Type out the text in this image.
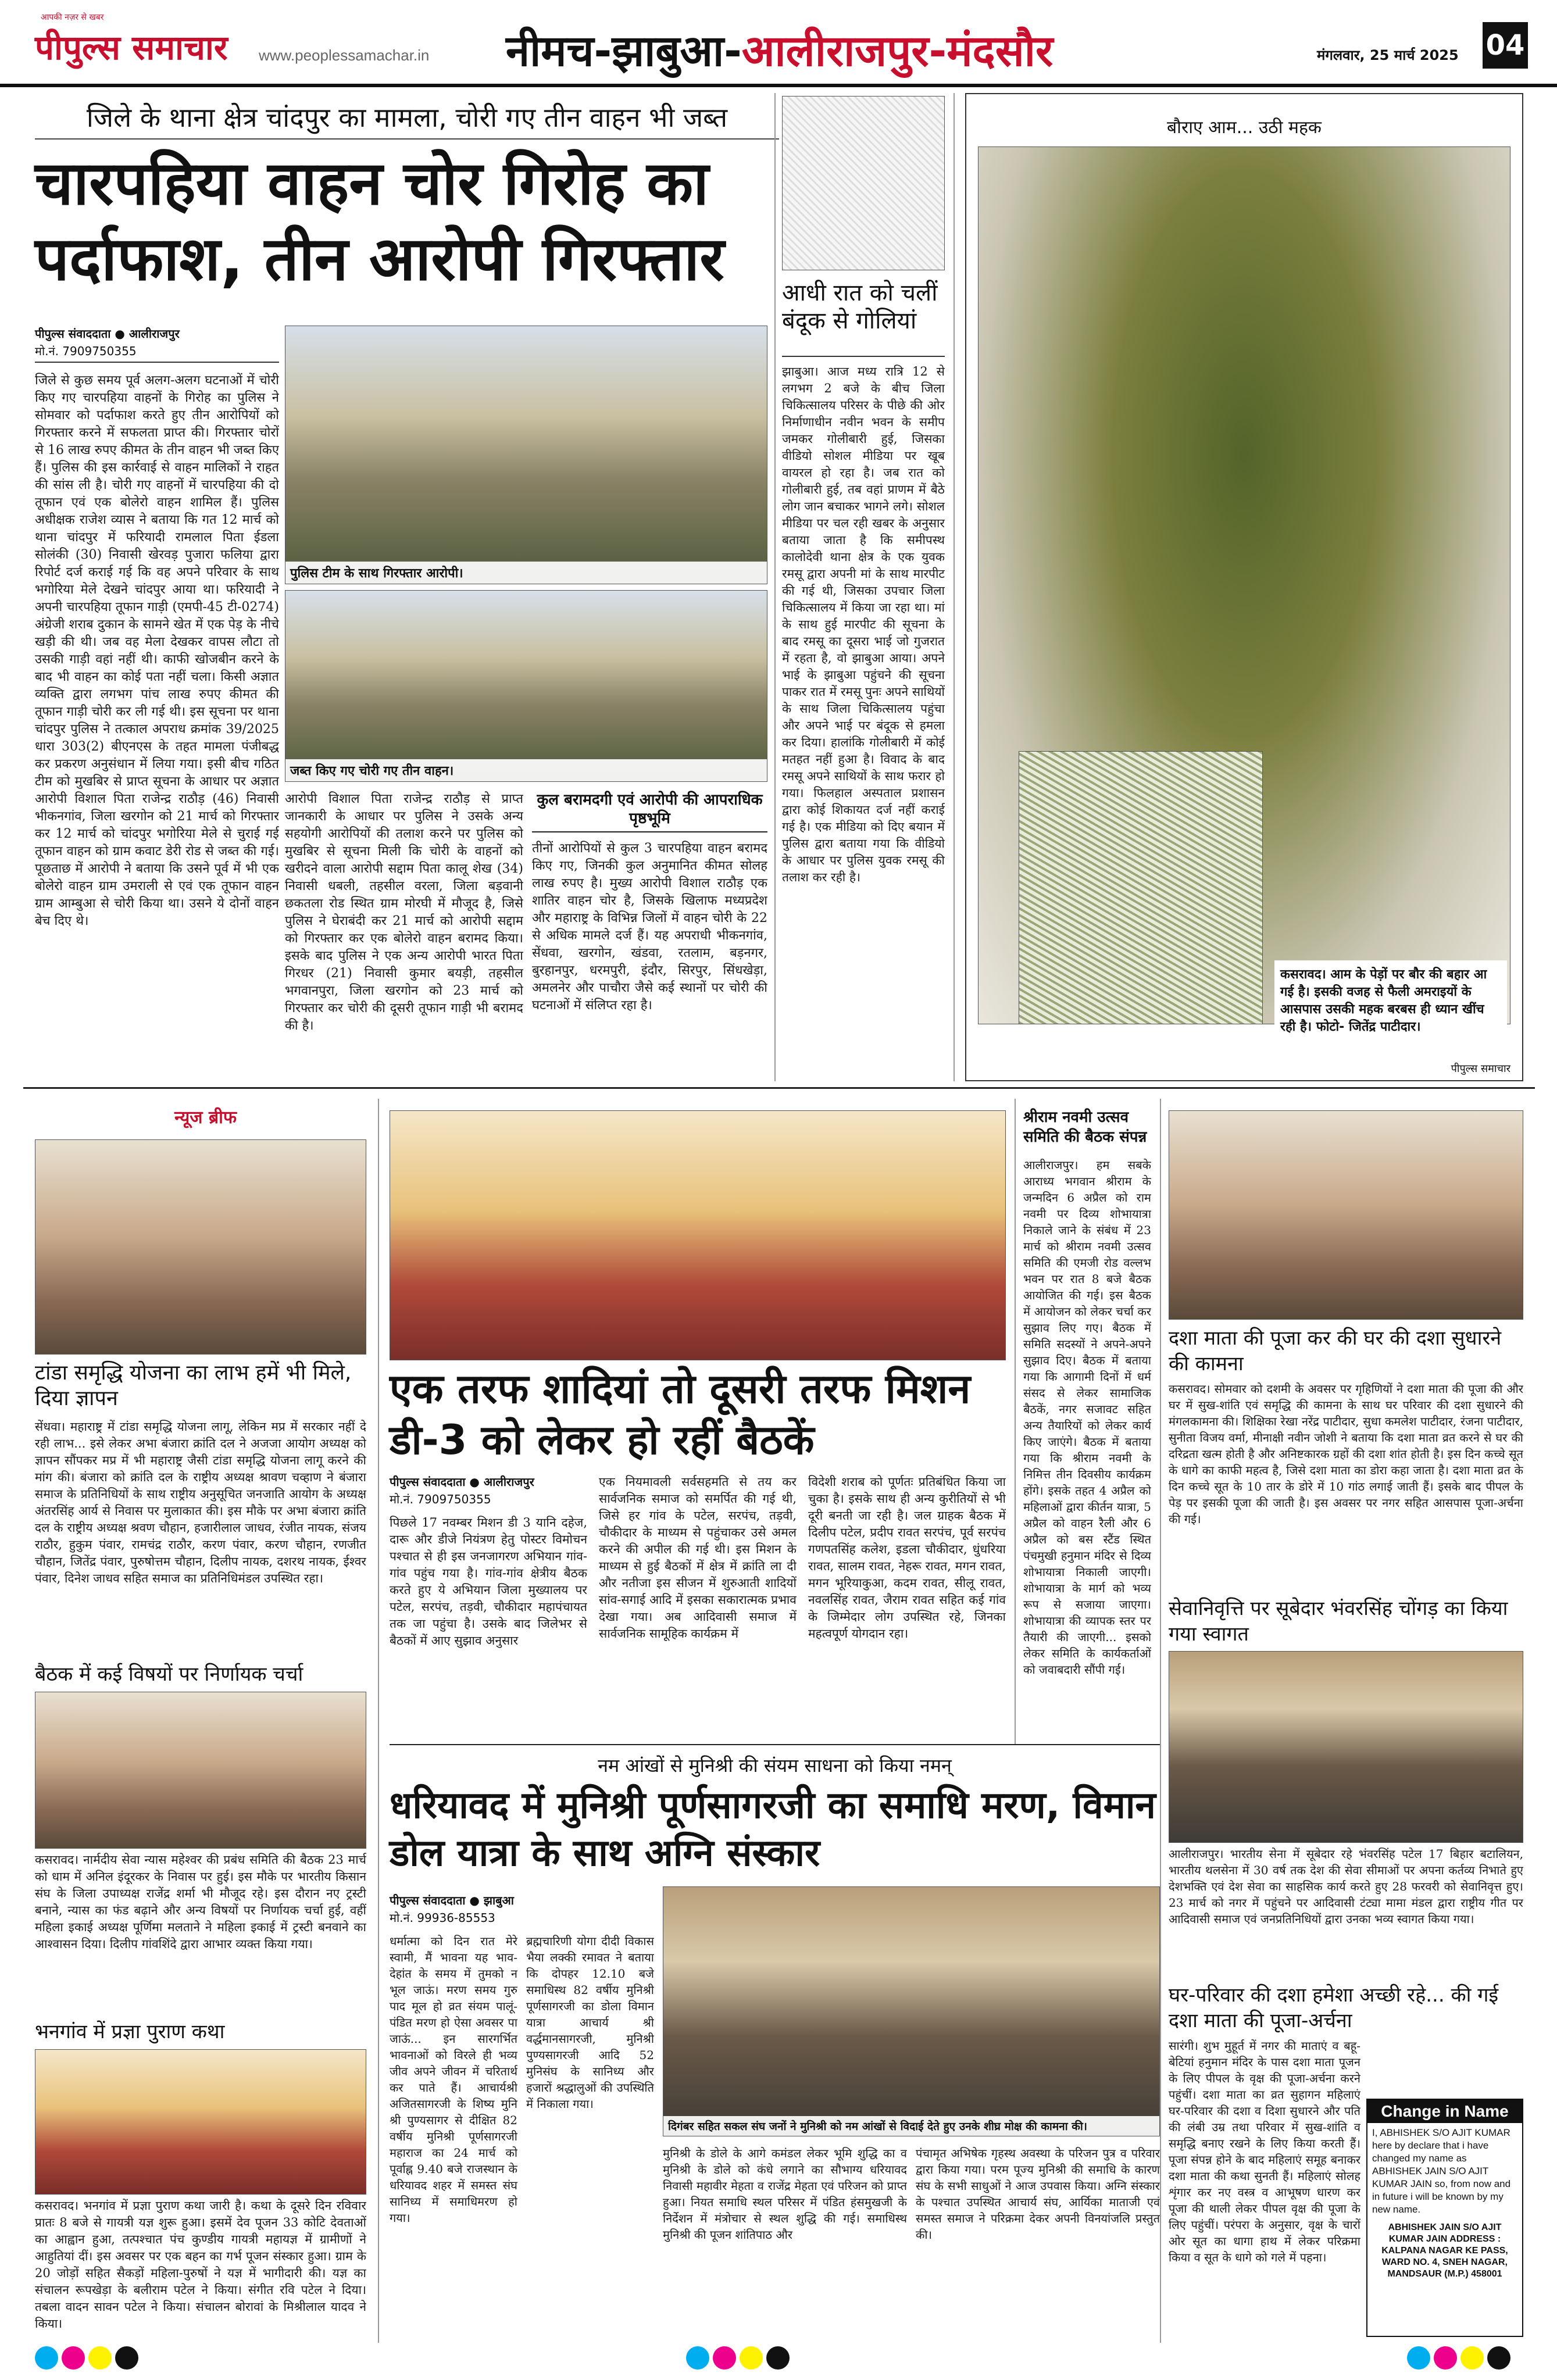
आपकी नज़र से खबर
पीपुल्स समाचार www.peoplessamachar.in नीमच-झाबुआ-आलीराजपुर-मंदसौर	मंगलवार, 25 मार्च 2025 04
जिले के थाना क्षेत्र चांदपुर का मामला, चोरी गए तीन वाहन भी जब्त
चारपहिया वाहन चोर गिरोह का पर्दाफाश, तीन आरोपी गिरफ्तार
पीपुल्स संवाददाता ● आलीराजपुर
मो.नं. 7909750355
पुलिस टीम के साथ गिरफ्तार आरोपी।
जब्त किए गए चोरी गए तीन वाहन।
जिले से कुछ समय पूर्व अलग-अलग घटनाओं में चोरी किए गए चारपहिया वाहनों के गिरोह का पुलिस ने सोमवार को पर्दाफाश करते हुए तीन आरोपियों को गिरफ्तार करने में सफलता प्राप्त की। गिरफ्तार चोरों से 16 लाख रुपए कीमत के तीन वाहन भी जब्त किए हैं। पुलिस की इस कार्रवाई से वाहन मालिकों ने राहत की सांस ली है। चोरी गए वाहनों में चारपहिया की दो तूफान एवं एक बोलेरो वाहन शामिल हैं। पुलिस अधीक्षक राजेश व्यास ने बताया कि गत 12 मार्च को थाना चांदपुर में फरियादी रामलाल पिता ईडला सोलंकी (30) निवासी खेरवड़ पुजारा फलिया द्वारा रिपोर्ट दर्ज कराई गई कि वह अपने परिवार के साथ भगोरिया मेले देखने चांदपुर आया था। फरियादी ने अपनी चारपहिया तूफान गाड़ी (एमपी-45 टी-0274) अंग्रेजी शराब दुकान के सामने खेत में एक पेड़ के नीचे खड़ी की थी। जब वह मेला देखकर वापस लौटा तो उसकी गाड़ी वहां नहीं थी। काफी खोजबीन करने के बाद भी वाहन का कोई पता नहीं चला। किसी अज्ञात व्यक्ति द्वारा लगभग पांच लाख रुपए कीमत की तूफान गाड़ी चोरी कर ली गई थी। इस सूचना पर थाना चांदपुर पुलिस ने तत्काल अपराध क्रमांक 39/2025 धारा 303(2) बीएनएस के तहत मामला पंजीबद्ध कर प्रकरण अनुसंधान में लिया गया। इसी बीच गठित टीम को मुखबिर से प्राप्त सूचना के आधार पर अज्ञात आरोपी विशाल पिता राजेन्द्र राठौड़ (46) निवासी भीकनगांव, जिला खरगोन को 21 मार्च को गिरफ्तार कर 12 मार्च को चांदपुर भगोरिया मेले से चुराई गई तूफान वाहन को ग्राम कवाट डेरी रोड से जब्त की गई। पूछताछ में आरोपी ने बताया कि उसने पूर्व में भी एक बोलेरो वाहन ग्राम उमराली से एवं एक तूफान वाहन ग्राम आम्बुआ से चोरी किया था। उसने ये दोनों वाहन बेच दिए थे।
आरोपी विशाल पिता राजेन्द्र राठौड़ से प्राप्त जानकारी के आधार पर पुलिस ने उसके अन्य सहयोगी आरोपियों की तलाश करने पर पुलिस को मुखबिर से सूचना मिली कि चोरी के वाहनों को खरीदने वाला आरोपी सद्दाम पिता कालू शेख (34) निवासी धबली, तहसील वरला, जिला बड़वानी छकतला रोड स्थित ग्राम मोरघी में मौजूद है, जिसे पुलिस ने घेराबंदी कर 21 मार्च को आरोपी सद्दाम को गिरफ्तार कर एक बोलेरो वाहन बरामद किया। इसके बाद पुलिस ने एक अन्य आरोपी भारत पिता गिरधर (21) निवासी कुमार बयड़ी, तहसील भगवानपुरा, जिला खरगोन को 23 मार्च को गिरफ्तार कर चोरी की दूसरी तूफान गाड़ी भी बरामद की है।
कुल बरामदगी एवं आरोपी की आपराधिक पृष्ठभूमि
तीनों आरोपियों से कुल 3 चारपहिया वाहन बरामद किए गए, जिनकी कुल अनुमानित कीमत सोलह लाख रुपए है। मुख्य आरोपी विशाल राठौड़ एक शातिर वाहन चोर है, जिसके खिलाफ मध्यप्रदेश और महाराष्ट्र के विभिन्न जिलों में वाहन चोरी के 22 से अधिक मामले दर्ज हैं। यह अपराधी भीकनगांव, सेंधवा, खरगोन, खंडवा, रतलाम, बड़नगर, बुरहानपुर, धरमपुरी, इंदौर, सिरपुर, सिंधखेड़ा, अमलनेर और पाचौरा जैसे कई स्थानों पर चोरी की घटनाओं में संलिप्त रहा है।
आधी रात को चलीं बंदूक से गोलियां
झाबुआ। आज मध्य रात्रि 12 से लगभग 2 बजे के बीच जिला चिकित्सालय परिसर के पीछे की ओर निर्माणाधीन नवीन भवन के समीप जमकर गोलीबारी हुई, जिसका वीडियो सोशल मीडिया पर खूब वायरल हो रहा है। जब रात को गोलीबारी हुई, तब वहां प्राणम में बैठे लोग जान बचाकर भागने लगे। सोशल मीडिया पर चल रही खबर के अनुसार बताया जाता है कि समीपस्थ कालोदेवी थाना क्षेत्र के एक युवक रमसू द्वारा अपनी मां के साथ मारपीट की गई थी, जिसका उपचार जिला चिकित्सालय में किया जा रहा था। मां के साथ हुई मारपीट की सूचना के बाद रमसू का दूसरा भाई जो गुजरात में रहता है, वो झाबुआ आया। अपने भाई के झाबुआ पहुंचने की सूचना पाकर रात में रमसू पुनः अपने साथियों के साथ जिला चिकित्सालय पहुंचा और अपने भाई पर बंदूक से हमला कर दिया। हालांकि गोलीबारी में कोई मतहत नहीं हुआ है। विवाद के बाद रमसू अपने साथियों के साथ फरार हो गया। फिलहाल अस्पताल प्रशासन द्वारा कोई शिकायत दर्ज नहीं कराई गई है। एक मीडिया को दिए बयान में पुलिस द्वारा बताया गया कि वीडियो के आधार पर पुलिस युवक रमसू की तलाश कर रही है।
बौराए आम... उठी महक
कसरावद। आम के पेड़ों पर बौर की बहार आ गई है। इसकी वजह से फैली अमराइयों के आसपास उसकी महक बरबस ही ध्यान खींच रही है। फोटो- जितेंद्र पाटीदार।
पीपुल्स समाचार
न्यूज ब्रीफ
टांडा समृद्धि योजना का लाभ हमें भी मिले, दिया ज्ञापन
सेंधवा। महाराष्ट्र में टांडा समृद्धि योजना लागू, लेकिन मप्र में सरकार नहीं दे रही लाभ... इसे लेकर अभा बंजारा क्रांति दल ने अजजा आयोग अध्यक्ष को ज्ञापन सौंपकर मप्र में भी महाराष्ट्र जैसी टांडा समृद्धि योजना लागू करने की मांग की। बंजारा को क्रांति दल के राष्ट्रीय अध्यक्ष श्रावण चव्हाण ने बंजारा समाज के प्रतिनिधियों के साथ राष्ट्रीय अनुसूचित जनजाति आयोग के अध्यक्ष अंतरसिंह आर्य से निवास पर मुलाकात की। इस मौके पर अभा बंजारा क्रांति दल के राष्ट्रीय अध्यक्ष श्रवण चौहान, हजारीलाल जाधव, रंजीत नायक, संजय राठौर, हुकुम पंवार, रामचंद्र राठौर, करण पंवार, करण चौहान, रणजीत चौहान, जितेंद्र पंवार, पुरुषोत्तम चौहान, दिलीप नायक, दशरथ नायक, ईश्वर पंवार, दिनेश जाधव सहित समाज का प्रतिनिधिमंडल उपस्थित रहा।
बैठक में कई विषयों पर निर्णायक चर्चा
कसरावद। नार्मदीय सेवा न्यास महेश्वर की प्रबंध समिति की बैठक 23 मार्च को धाम में अनिल इंदूरकर के निवास पर हुई। इस मौके पर भारतीय किसान संघ के जिला उपाध्यक्ष राजेंद्र शर्मा भी मौजूद रहे। इस दौरान नए ट्रस्टी बनाने, न्यास का फंड बढ़ाने और अन्य विषयों पर निर्णायक चर्चा हुई, वहीं महिला इकाई अध्यक्ष पूर्णिमा मलताने ने महिला इकाई में ट्रस्टी बनवाने का आश्वासन दिया। दिलीप गांवशिंदे द्वारा आभार व्यक्त किया गया।
भनगांव में प्रज्ञा पुराण कथा
कसरावद। भनगांव में प्रज्ञा पुराण कथा जारी है। कथा के दूसरे दिन रविवार प्रातः 8 बजे से गायत्री यज्ञ शुरू हुआ। इसमें देव पूजन 33 कोटि देवताओं का आह्वान हुआ, तत्पश्चात पंच कुण्डीय गायत्री महायज्ञ में ग्रामीणों ने आहुतियां दीं। इस अवसर पर एक बहन का गर्भ पूजन संस्कार हुआ। ग्राम के 20 जोड़ों सहित सैकड़ों महिला-पुरुषों ने यज्ञ में भागीदारी की। यज्ञ का संचालन रूपखेड़ा के बलीराम पटेल ने किया। संगीत रवि पटेल ने दिया। तबला वादन सावन पटेल ने किया। संचालन बोरावां के मिश्रीलाल यादव ने किया।
एक तरफ शादियां तो दूसरी तरफ मिशन डी-3 को लेकर हो रहीं बैठकें
पीपुल्स संवाददाता ● आलीराजपुर
मो.नं. 7909750355
पिछले 17 नवम्बर मिशन डी 3 यानि दहेज, दारू और डीजे नियंत्रण हेतु पोस्टर विमोचन पश्चात से ही इस जनजागरण अभियान गांव-गांव पहुंच गया है। गांव-गांव क्षेत्रीय बैठक करते हुए ये अभियान जिला मुख्यालय पर पटेल, सरपंच, तड़वी, चौकीदार महापंचायत तक जा पहुंचा है। उसके बाद जिलेभर से बैठकों में आए सुझाव अनुसार
एक नियमावली सर्वसहमति से तय कर सार्वजनिक समाज को समर्पित की गई थी, जिसे हर गांव के पटेल, सरपंच, तड़वी, चौकीदार के माध्यम से पहुंचाकर उसे अमल करने की अपील की गई थी। इस मिशन के माध्यम से हुई बैठकों में क्षेत्र में क्रांति ला दी और नतीजा इस सीजन में शुरुआती शादियों सांव-सगाई आदि में इसका सकारात्मक प्रभाव देखा गया। अब आदिवासी समाज में सार्वजनिक सामूहिक कार्यक्रम में
विदेशी शराब को पूर्णतः प्रतिबंधित किया जा चुका है। इसके साथ ही अन्य कुरीतियों से भी दूरी बनती जा रही है। जल ग्राहक बैठक में दिलीप पटेल, प्रदीप रावत सरपंच, पूर्व सरपंच गणपतसिंह कलेश, इडला चौकीदार, धुंधरिया रावत, सालम रावत, नेहरू रावत, मगन रावत, मगन भूरियाकुआ, कदम रावत, सीलू रावत, नवलसिंह रावत, जैराम रावत सहित कई गांव के जिम्मेदार लोग उपस्थित रहे, जिनका महत्वपूर्ण योगदान रहा।
श्रीराम नवमी उत्सव समिति की बैठक संपन्न
आलीराजपुर। हम सबके आराध्य भगवान श्रीराम के जन्मदिन 6 अप्रैल को राम नवमी पर दिव्य शोभायात्रा निकाले जाने के संबंध में 23 मार्च को श्रीराम नवमी उत्सव समिति की एमजी रोड वल्लभ भवन पर रात 8 बजे बैठक आयोजित की गई। इस बैठक में आयोजन को लेकर चर्चा कर सुझाव लिए गए। बैठक में समिति सदस्यों ने अपने-अपने सुझाव दिए। बैठक में बताया गया कि आगामी दिनों में धर्म संसद से लेकर सामाजिक बैठकें, नगर सजावट सहित अन्य तैयारियों को लेकर कार्य किए जाएंगे। बैठक में बताया गया कि श्रीराम नवमी के निमित्त तीन दिवसीय कार्यक्रम होंगे। इसके तहत 4 अप्रैल को महिलाओं द्वारा कीर्तन यात्रा, 5 अप्रैल को वाहन रैली और 6 अप्रैल को बस स्टैंड स्थित पंचमुखी हनुमान मंदिर से दिव्य शोभायात्रा निकाली जाएगी। शोभायात्रा के मार्ग को भव्य रूप से सजाया जाएगा। शोभायात्रा की व्यापक स्तर पर तैयारी की जाएगी... इसको लेकर समिति के कार्यकर्ताओं को जवाबदारी सौंपी गई।
दशा माता की पूजा कर की घर की दशा सुधारने की कामना
कसरावद। सोमवार को दशमी के अवसर पर गृहिणियों ने दशा माता की पूजा की और घर में सुख-शांति एवं समृद्धि की कामना के साथ घर परिवार की दशा सुधारने की मंगलकामना की। शिक्षिका रेखा नरेंद्र पाटीदार, सुधा कमलेश पाटीदार, रंजना पाटीदार, सुनीता विजय वर्मा, मीनाक्षी नवीन जोशी ने बताया कि दशा माता व्रत करने से घर की दरिद्रता खत्म होती है और अनिष्टकारक ग्रहों की दशा शांत होती है। इस दिन कच्चे सूत के धागे का काफी महत्व है, जिसे दशा माता का डोरा कहा जाता है। दशा माता व्रत के दिन कच्चे सूत के 10 तार के डोरे में 10 गांठ लगाई जाती हैं। इसके बाद पीपल के पेड़ पर इसकी पूजा की जाती है। इस अवसर पर नगर सहित आसपास पूजा-अर्चना की गई।
सेवानिवृत्ति पर सूबेदार भंवरसिंह चोंगड़ का किया गया स्वागत
आलीराजपुर। भारतीय सेना में सूबेदार रहे भंवरसिंह पटेल 17 बिहार बटालियन, भारतीय थलसेना में 30 वर्ष तक देश की सेवा सीमाओं पर अपना कर्तव्य निभाते हुए देशभक्ति एवं देश सेवा का साहसिक कार्य करते हुए 28 फरवरी को सेवानिवृत्त हुए। 23 मार्च को नगर में पहुंचने पर आदिवासी टंट्या मामा मंडल द्वारा राष्ट्रीय गीत पर आदिवासी समाज एवं जनप्रतिनिधियों द्वारा उनका भव्य स्वागत किया गया।
घर-परिवार की दशा हमेशा अच्छी रहे... की गई दशा माता की पूजा-अर्चना
सारंगी। शुभ मुहूर्त में नगर की माताएं व बहू-बेटियां हनुमान मंदिर के पास दशा माता पूजन के लिए पीपल के वृक्ष की पूजा-अर्चना करने पहुंचीं। दशा माता का व्रत सुहागन महिलाएं घर-परिवार की दशा व दिशा सुधारने और पति की लंबी उम्र तथा परिवार में सुख-शांति व समृद्धि बनाए रखने के लिए किया करती हैं। पूजा संपन्न होने के बाद महिलाएं समूह बनाकर दशा माता की कथा सुनती हैं। महिलाएं सोलह शृंगार कर नए वस्त्र व आभूषण धारण कर पूजा की थाली लेकर पीपल वृक्ष की पूजा के लिए पहुंचीं। परंपरा के अनुसार, वृक्ष के चारों ओर सूत का धागा हाथ में लेकर परिक्रमा किया व सूत के धागे को गले में पहना।
Change in Name
I, ABHISHEK S/O AJIT KUMAR here by declare that i have changed my name as ABHISHEK JAIN S/O AJIT KUMAR JAIN so, from now and in future i will be known by my new name.
ABHISHEK JAIN S/O AJIT KUMAR JAIN ADDRESS : KALPANA NAGAR KE PASS, WARD NO. 4, SNEH NAGAR, MANDSAUR (M.P.) 458001
नम आंखों से मुनिश्री की संयम साधना को किया नमन्
धरियावद में मुनिश्री पूर्णसागरजी का समाधि मरण, विमान डोल यात्रा के साथ अग्नि संस्कार
पीपुल्स संवाददाता ● झाबुआ
मो.नं. 99936-85553
दिगंबर सहित सकल संघ जनों ने मुनिश्री को नम आंखों से विदाई देते हुए उनके शीघ्र मोक्ष की कामना की।
धर्मात्मा को दिन रात मेरे स्वामी, मैं भावना यह भाव-देहांत के समय में तुमको न भूल जाऊं। मरण समय गुरु पाद मूल हो व्रत संयम पालूं- पंडित मरण हो ऐसा अवसर पा जाऊं... इन सारगर्भित भावनाओं को विरले ही भव्य जीव अपने जीवन में चरितार्थ कर पाते हैं। आचार्यश्री अजितसागरजी के शिष्य मुनि श्री पुण्यसागर से दीक्षित 82 वर्षीय मुनिश्री पूर्णसागरजी महाराज का 24 मार्च को पूर्वाह्न 9.40 बजे राजस्थान के धरियावद शहर में समस्त संघ सानिध्य में समाधिमरण हो गया।
ब्रह्मचारिणी योगा दीदी विकास भैया लक्की रमावत ने बताया कि दोपहर 12.10 बजे समाधिस्थ 82 वर्षीय मुनिश्री पूर्णसागरजी का डोला विमान यात्रा आचार्य श्री वर्द्धमानसागरजी, मुनिश्री पुण्यसागरजी आदि 52 मुनिसंघ के सानिध्य और हजारों श्रद्धालुओं की उपस्थिति में निकाला गया।
मुनिश्री के डोले के आगे कमंडल लेकर भूमि शुद्धि का व मुनिश्री के डोले को कंधे लगाने का सौभाग्य धरियावद निवासी महावीर मेहता व राजेंद्र मेहता एवं परिजन को प्राप्त हुआ। नियत समाधि स्थल परिसर में पंडित हंसमुखजी के निर्देशन में मंत्रोचार से स्थल शुद्धि की गई। समाधिस्थ मुनिश्री की पूजन शांतिपाठ और
पंचामृत अभिषेक गृहस्थ अवस्था के परिजन पुत्र व परिवार द्वारा किया गया। परम पूज्य मुनिश्री की समाधि के कारण संघ के सभी साधुओं ने आज उपवास किया। अग्नि संस्कार के पश्चात उपस्थित आचार्य संघ, आर्यिका माताजी एवं समस्त समाज ने परिक्रमा देकर अपनी विनयांजलि प्रस्तुत की।
